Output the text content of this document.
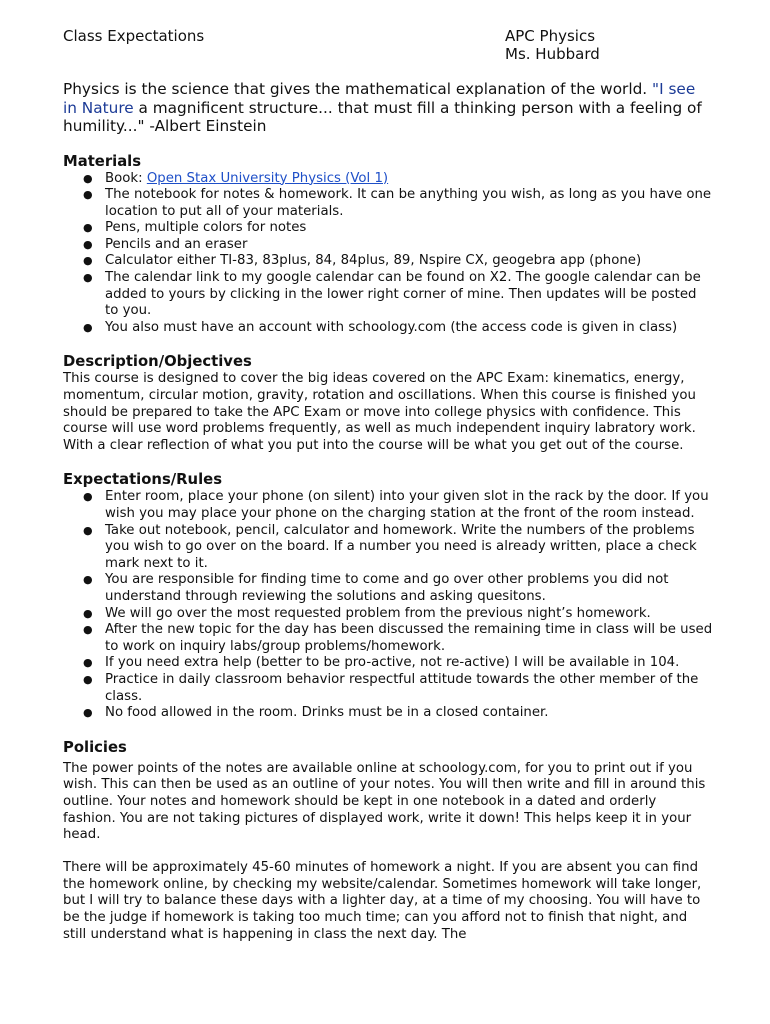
Class Expectations	APC Physics
Ms. Hubbard
Physics is the science that gives the mathematical explanation of the world. "I see in Nature a magnificent structure... that must fill a thinking person with a feeling of humility..." -Albert Einstein
Materials
● Book: Open Stax University Physics (Vol 1)
● The notebook for notes & homework. It can be anything you wish, as long as you have one location to put all of your materials.
● Pens, multiple colors for notes
● Pencils and an eraser
● Calculator either TI-83, 83plus, 84, 84plus, 89, Nspire CX, geogebra app (phone)
● The calendar link to my google calendar can be found on X2. The google calendar can be added to yours by clicking in the lower right corner of mine. Then updates will be posted to you.
● You also must have an account with schoology.com (the access code is given in class)
Description/Objectives

This course is designed to cover the big ideas covered on the APC Exam: kinematics, energy, momentum, circular motion, gravity, rotation and oscillations. When this course is finished you should be prepared to take the APC Exam or move into college physics with confidence. This course will use word problems frequently, as well as much independent inquiry labratory work. With a clear reflection of what you put into the course will be what you get out of the course.

Expectations/Rules
● Enter room, place your phone (on silent) into your given slot in the rack by the door. If you wish you may place your phone on the charging station at the front of the room instead.
● Take out notebook, pencil, calculator and homework. Write the numbers of the problems you wish to go over on the board. If a number you need is already written, place a check mark next to it.
● You are responsible for finding time to come and go over other problems you did not understand through reviewing the solutions and asking quesitons.
● We will go over the most requested problem from the previous night’s homework.
● After the new topic for the day has been discussed the remaining time in class will be used to work on inquiry labs/group problems/homework.
● If you need extra help (better to be pro-active, not re-active) I will be available in 104.
● Practice in daily classroom behavior respectful attitude towards the other member of the class.
● No food allowed in the room. Drinks must be in a closed container.
Policies

The power points of the notes are available online at schoology.com, for you to print out if you wish. This can then be used as an outline of your notes. You will then write and fill in around this outline. Your notes and homework should be kept in one notebook in a dated and orderly fashion. You are not taking pictures of displayed work, write it down! This helps keep it in your head.

There will be approximately 45-60 minutes of homework a night. If you are absent you can find the homework online, by checking my website/calendar. Sometimes homework will take longer, but I will try to balance these days with a lighter day, at a time of my choosing. You will have to be the judge if homework is taking too much time; can you afford not to finish that night, and still understand what is happening in class the next day. The
